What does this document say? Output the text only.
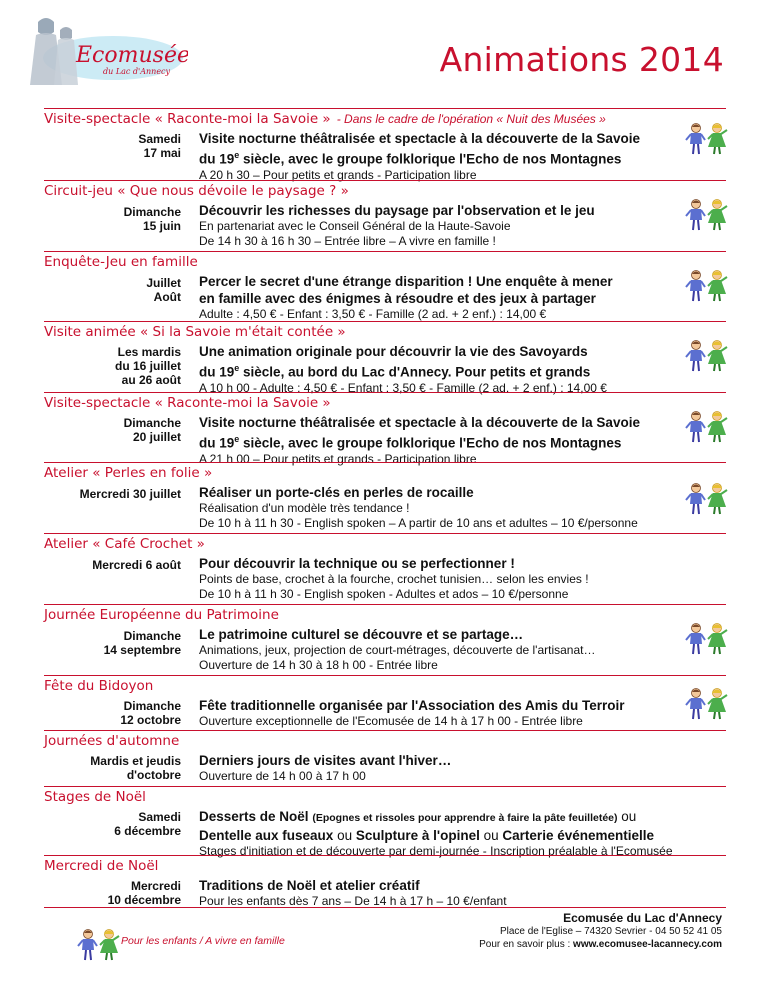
Ecomusée
du Lac d'Annecy	Animations 2014
Visite-spectacle « Raconte-moi la Savoie » - Dans le cadre de l'opération « Nuit des Musées »
Samedi
17 mai
Visite nocturne théâtralisée et spectacle à la découverte de la Savoie
du 19e siècle, avec le groupe folklorique l'Echo de nos Montagnes
A 20 h 30 – Pour petits et grands - Participation libre
Circuit-jeu « Que nous dévoile le paysage ? »
Dimanche
15 juin
Découvrir les richesses du paysage par l'observation et le jeu
En partenariat avec le Conseil Général de la Haute-Savoie
De 14 h 30 à 16 h 30 – Entrée libre – A vivre en famille !
Enquête-Jeu en famille
Juillet
Août
Percer le secret d'une étrange disparition ! Une enquête à mener
en famille avec des énigmes à résoudre et des jeux à partager
Adulte : 4,50 € - Enfant : 3,50 € - Famille (2 ad. + 2 enf.) : 14,00 €
Visite animée « Si la Savoie m'était contée »
Les mardis
du 16 juillet
au 26 août
Une animation originale pour découvrir la vie des Savoyards
du 19e siècle, au bord du Lac d'Annecy. Pour petits et grands
A 10 h 00 - Adulte : 4,50 € - Enfant : 3,50 € - Famille (2 ad. + 2 enf.) : 14,00 €
Visite-spectacle « Raconte-moi la Savoie »
Dimanche
20 juillet
Visite nocturne théâtralisée et spectacle à la découverte de la Savoie
du 19e siècle, avec le groupe folklorique l'Echo de nos Montagnes
A 21 h 00 – Pour petits et grands - Participation libre
Atelier « Perles en folie »
Mercredi 30 juillet Réaliser un porte-clés en perles de rocaille
Réalisation d'un modèle très tendance !
De 10 h à 11 h 30 - English spoken – A partir de 10 ans et adultes – 10 €/personne
Atelier « Café Crochet »
Mercredi 6 août Pour découvrir la technique ou se perfectionner !
Points de base, crochet à la fourche, crochet tunisien… selon les envies !
De 10 h à 11 h 30 - English spoken - Adultes et ados – 10 €/personne
Journée Européenne du Patrimoine
Dimanche
14 septembre
Le patrimoine culturel se découvre et se partage…
Animations, jeux, projection de court-métrages, découverte de l'artisanat…
Ouverture de 14 h 30 à 18 h 00 - Entrée libre
Fête du Bidoyon
Dimanche
12 octobre
Fête traditionnelle organisée par l'Association des Amis du Terroir
Ouverture exceptionnelle de l'Ecomusée de 14 h à 17 h 00 - Entrée libre
Journées d'automne
Mardis et jeudis
d'octobre
Derniers jours de visites avant l'hiver…
Ouverture de 14 h 00 à 17 h 00
Stages de Noël
Samedi
6 décembre
Desserts de Noël (Epognes et rissoles pour apprendre à faire la pâte feuilletée) ou
Dentelle aux fuseaux ou Sculpture à l'opinel ou Carterie événementielle
Stages d'initiation et de découverte par demi-journée - Inscription préalable à l'Ecomusée
Mercredi de Noël
Mercredi
10 décembre
Traditions de Noël et atelier créatif
Pour les enfants dès 7 ans – De 14 h à 17 h – 10 €/enfant
Pour les enfants / A vivre en famille
Ecomusée du Lac d'Annecy
Place de l'Eglise – 74320 Sevrier - 04 50 52 41 05
Pour en savoir plus : www.ecomusee-lacannecy.com
